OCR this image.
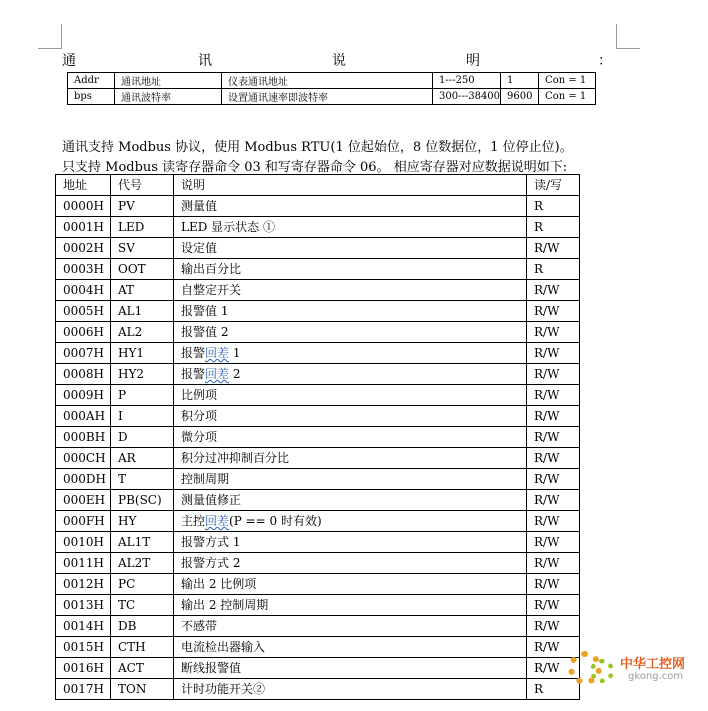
通	讯	说	明	：
Addr	通讯地址	仪表通讯地址	1---250	1	Con = 1
bps	通讯波特率	设置通讯速率即波特率	300---38400	9600	Con = 1
通讯支持 Modbus 协议，使用 Modbus RTU(1 位起始位，8 位数据位，1 位停止位)。
只支持 Modbus 读寄存器命令 03 和写寄存器命令 06。 相应寄存器对应数据说明如下:
地址	代号	说明	读/写
0000H	PV	测量值	R
0001H	LED	LED 显示状态 ①	R
0002H	SV	设定值	R/W
0003H	OOT	输出百分比	R
0004H	AT	自整定开关	R/W
0005H	AL1	报警值 1	R/W
0006H	AL2	报警值 2	R/W
0007H	HY1	报警回差 1	R/W
0008H	HY2	报警回差 2	R/W
0009H	P	比例项	R/W
000AH	I	积分项	R/W
000BH	D	微分项	R/W
000CH	AR	积分过冲抑制百分比	R/W
000DH	T	控制周期	R/W
000EH	PB(SC)	测量值修正	R/W
000FH	HY	主控回差(P == 0 时有效)	R/W
0010H	AL1T	报警方式 1	R/W
0011H	AL2T	报警方式 2	R/W
0012H	PC	输出 2 比例项	R/W
0013H	TC	输出 2 控制周期	R/W
0014H	DB	不感带	R/W
0015H	CTH	电流检出器输入	R/W
0016H	ACT	断线报警值	R/W
0017H	TON	计时功能开关②	R
中华工控网
gkong.com
